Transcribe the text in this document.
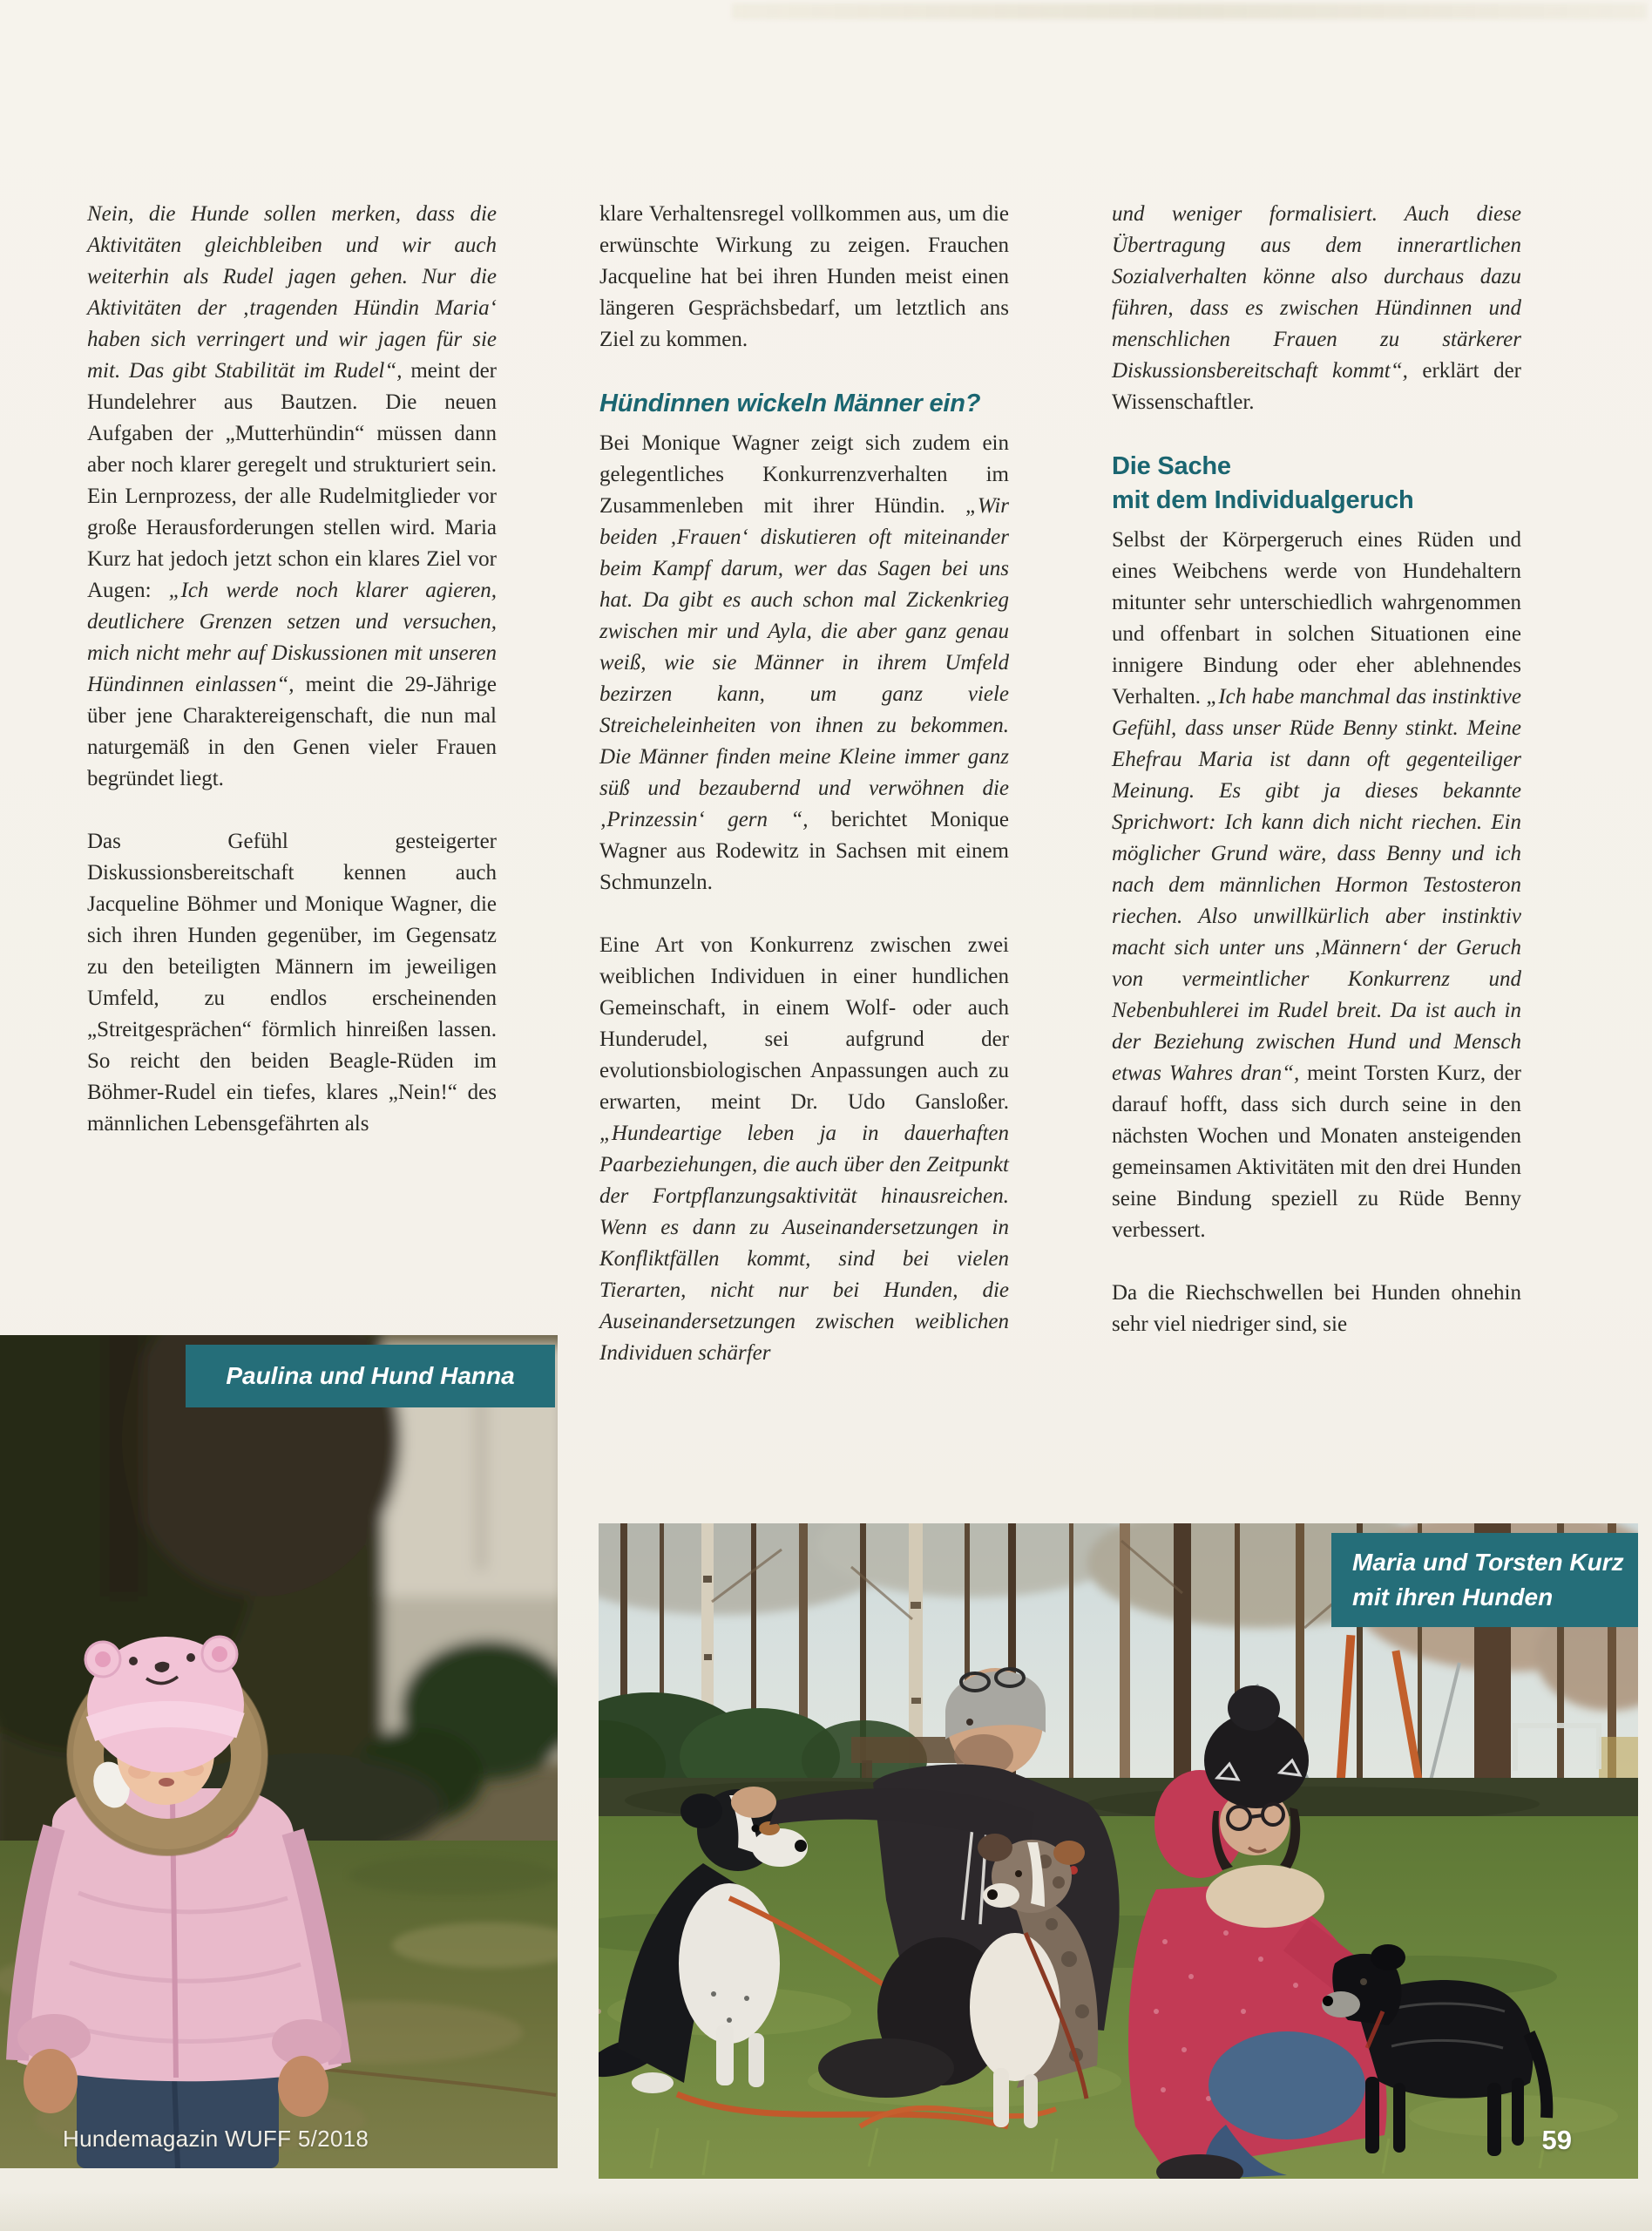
Nein, die Hunde sollen merken, dass die Aktivitäten gleichbleiben und wir auch weiterhin als Rudel jagen gehen. Nur die Aktivitäten der ‚tragenden Hündin Maria‘ haben sich verringert und wir jagen für sie mit. Das gibt Stabilität im Rudel“, meint der Hundelehrer aus Bautzen. Die neuen Aufgaben der „Mutterhündin“ müssen dann aber noch klarer geregelt und strukturiert sein. Ein Lernprozess, der alle Rudelmitglieder vor große Herausforderungen stellen wird. Maria Kurz hat jedoch jetzt schon ein klares Ziel vor Augen: „Ich werde noch klarer agieren, deutlichere Grenzen setzen und versuchen, mich nicht mehr auf Diskussionen mit unseren Hündinnen einlassen“, meint die 29-Jährige über jene Charaktereigenschaft, die nun mal naturgemäß in den Genen vieler Frauen begründet liegt.

Das Gefühl gesteigerter Diskussionsbereitschaft kennen auch Jacqueline Böhmer und Monique Wagner, die sich ihren Hunden gegenüber, im Gegensatz zu den beteiligten Männern im jeweiligen Umfeld, zu endlos erscheinenden „Streitgesprächen“ förmlich hinreißen lassen. So reicht den beiden Beagle-Rüden im Böhmer-Rudel ein tiefes, klares „Nein!“ des männlichen Lebensgefährten als

klare Verhaltensregel vollkommen aus, um die erwünschte Wirkung zu zeigen. Frauchen Jacqueline hat bei ihren Hunden meist einen längeren Gesprächsbedarf, um letztlich ans Ziel zu kommen.

Hündinnen wickeln Männer ein?

Bei Monique Wagner zeigt sich zudem ein gelegentliches Konkurrenzverhalten im Zusammenleben mit ihrer Hündin. „Wir beiden ‚Frauen‘ diskutieren oft miteinander beim Kampf darum, wer das Sagen bei uns hat. Da gibt es auch schon mal Zickenkrieg zwischen mir und Ayla, die aber ganz genau weiß, wie sie Männer in ihrem Umfeld bezirzen kann, um ganz viele Streicheleinheiten von ihnen zu bekommen. Die Männer finden meine Kleine immer ganz süß und bezaubernd und verwöhnen die ‚Prinzessin‘ gern “, berichtet Monique Wagner aus Rodewitz in Sachsen mit einem Schmunzeln.

Eine Art von Konkurrenz zwischen zwei weiblichen Individuen in einer hundlichen Gemeinschaft, in einem Wolf- oder auch Hunderudel, sei aufgrund der evolutionsbiologischen Anpassungen auch zu erwarten, meint Dr. Udo Gansloßer. „Hundeartige leben ja in dauerhaften Paarbeziehungen, die auch über den Zeitpunkt der Fortpflanzungsaktivität hinausreichen. Wenn es dann zu Auseinandersetzungen in Konfliktfällen kommt, sind bei vielen Tierarten, nicht nur bei Hunden, die Auseinandersetzungen zwischen weiblichen Individuen schärfer

und weniger formalisiert. Auch diese Übertragung aus dem innerartlichen Sozialverhalten könne also durchaus dazu führen, dass es zwischen Hündinnen und menschlichen Frauen zu stärkerer Diskussionsbereitschaft kommt“, erklärt der Wissenschaftler.

Die Sache
mit dem Individualgeruch

Selbst der Körpergeruch eines Rüden und eines Weibchens werde von Hundehaltern mitunter sehr unterschiedlich wahrgenommen und offenbart in solchen Situationen eine innigere Bindung oder eher ablehnendes Verhalten. „Ich habe manchmal das instinktive Gefühl, dass unser Rüde Benny stinkt. Meine Ehefrau Maria ist dann oft gegenteiliger Meinung. Es gibt ja dieses bekannte Sprichwort: Ich kann dich nicht riechen. Ein möglicher Grund wäre, dass Benny und ich nach dem männlichen Hormon Testosteron riechen. Also unwillkürlich aber instinktiv macht sich unter uns ‚Männern‘ der Geruch von vermeintlicher Konkurrenz und Nebenbuhlerei im Rudel breit. Da ist auch in der Beziehung zwischen Hund und Mensch etwas Wahres dran“, meint Torsten Kurz, der darauf hofft, dass sich durch seine in den nächsten Wochen und Monaten ansteigenden gemeinsamen Aktivitäten mit den drei Hunden seine Bindung speziell zu Rüde Benny verbessert.

Da die Riechschwellen bei Hunden ohnehin sehr viel niedriger sind, sie

Paulina und Hund Hanna
Hundemagazin WUFF 5/2018
Maria und Torsten Kurz
mit ihren Hunden
59
